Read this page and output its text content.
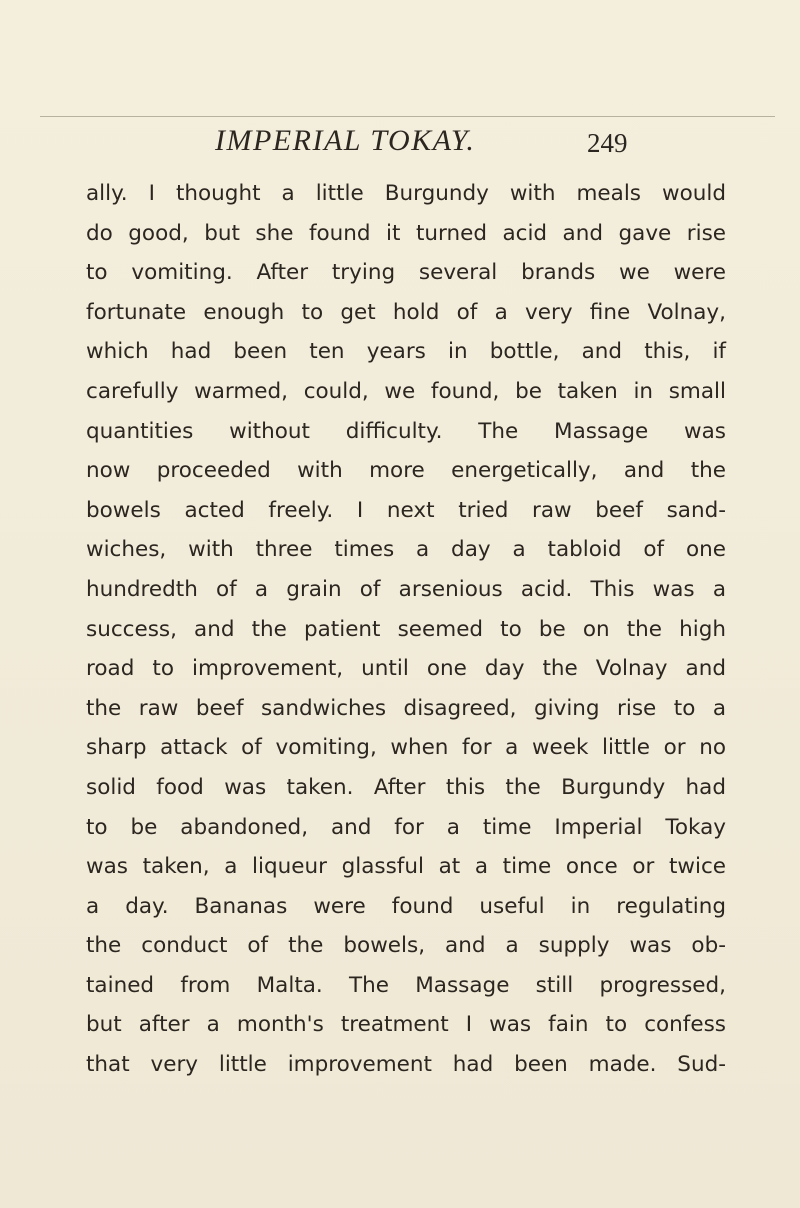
IMPERIAL TOKAY.	249
ally. I thought a little Burgundy with meals would
do good, but she found it turned acid and gave rise
to vomiting. After trying several brands we were
fortunate enough to get hold of a very fine Volnay,
which had been ten years in bottle, and this, if
carefully warmed, could, we found, be taken in small
quantities without difficulty. The Massage was
now proceeded with more energetically, and the
bowels acted freely. I next tried raw beef sand-
wiches, with three times a day a tabloid of one
hundredth of a grain of arsenious acid. This was a
success, and the patient seemed to be on the high
road to improvement, until one day the Volnay and
the raw beef sandwiches disagreed, giving rise to a
sharp attack of vomiting, when for a week little or no
solid food was taken. After this the Burgundy had
to be abandoned, and for a time Imperial Tokay
was taken, a liqueur glassful at a time once or twice
a day. Bananas were found useful in regulating
the conduct of the bowels, and a supply was ob-
tained from Malta. The Massage still progressed,
but after a month's treatment I was fain to confess
that very little improvement had been made. Sud-
